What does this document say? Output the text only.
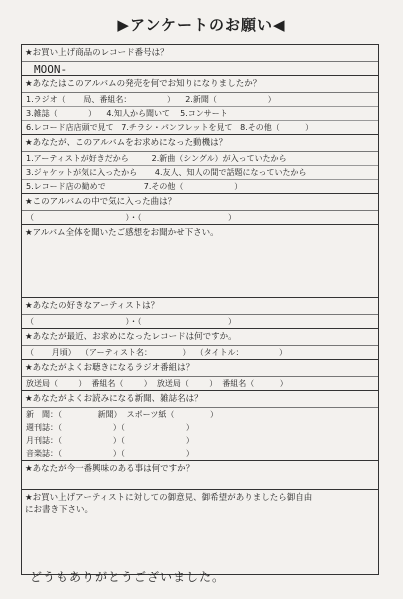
▶アンケートのお願い◀
★お買い上げ商品のレコード番号は？
MOON-
★あなたはこのアルバムの発売を何でお知りになりましたか？
1.ラジオ（       局、番組名：              ）    2.新聞（                    ）
3.雑誌（            ）    4.知人から聞いて    5.コンサート
6.レコード店店頭で見て   7.チラシ・パンフレットを見て   8.その他（          ）
★あなたが、このアルバムをお求めになった動機は？
1.アーティストが好きだから         2.新曲（シングル）が入っていたから
3.ジャケットが気に入ったから       4.友人、知人の間で話題になっていたから
5.レコード店の勧めで               7.その他（                    ）
★このアルバムの中で気に入った曲は？
（                                    ）・（                                  ）
★アルバム全体を聞いたご感想をお聞かせ下さい。
★あなたの好きなアーティストは？
（                                    ）・（                                  ）
★あなたが最近、お求めになったレコードは何ですか。
（       月頃）  （アーティスト名：            ）  （タイトル：              ）
★あなたがよくお聴きになるラジオ番組は？
放送局（        ）  番組名（        ）  放送局（        ）  番組名（          ）
★あなたがよくお読みになる新聞、雑誌名は？
新　聞：（              新聞）  スポーツ紙（              ）
週刊誌：（                    ）（                        ）
月刊誌：（                    ）（                        ）
音楽誌：（                    ）（                        ）
★あなたが今一番興味のある事は何ですか？
★お買い上げアーティストに対しての御意見、御希望がありましたら御自由
にお書き下さい。
どうもありがとうございました。
